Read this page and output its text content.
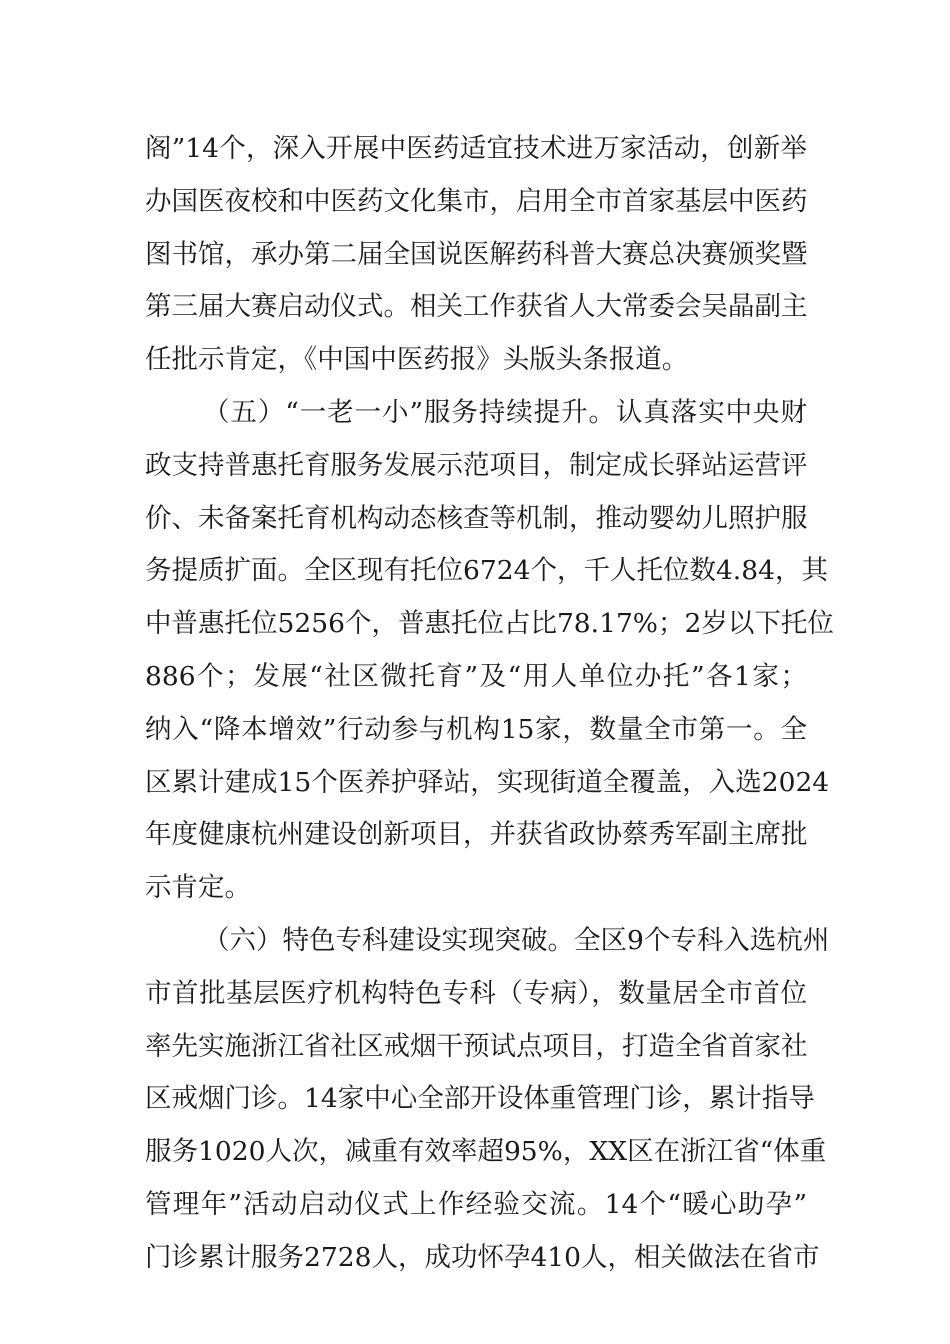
阁”14个，深入开展中医药适宜技术进万家活动，创新举
办国医夜校和中医药文化集市，启用全市首家基层中医药
图书馆，承办第二届全国说医解药科普大赛总决赛颁奖暨
第三届大赛启动仪式。相关工作获省人大常委会吴晶副主
任批示肯定，《中国中医药报》头版头条报道。
（五）“一老一小”服务持续提升。认真落实中央财
政支持普惠托育服务发展示范项目，制定成长驿站运营评
价、未备案托育机构动态核查等机制，推动婴幼儿照护服
务提质扩面。全区现有托位6724个，千人托位数4.84，其
中普惠托位5256个，普惠托位占比78.17%；2岁以下托位
886个；发展“社区微托育”及“用人单位办托”各1家；
纳入“降本增效”行动参与机构15家，数量全市第一。全
区累计建成15个医养护驿站，实现街道全覆盖，入选2024
年度健康杭州建设创新项目，并获省政协蔡秀军副主席批
示肯定。
（六）特色专科建设实现突破。全区9个专科入选杭州
市首批基层医疗机构特色专科（专病），数量居全市首位
率先实施浙江省社区戒烟干预试点项目，打造全省首家社
区戒烟门诊。14家中心全部开设体重管理门诊，累计指导
服务1020人次，减重有效率超95%，XX区在浙江省“体重
管理年”活动启动仪式上作经验交流。14个“暖心助孕”
门诊累计服务2728人，成功怀孕410人，相关做法在省市
